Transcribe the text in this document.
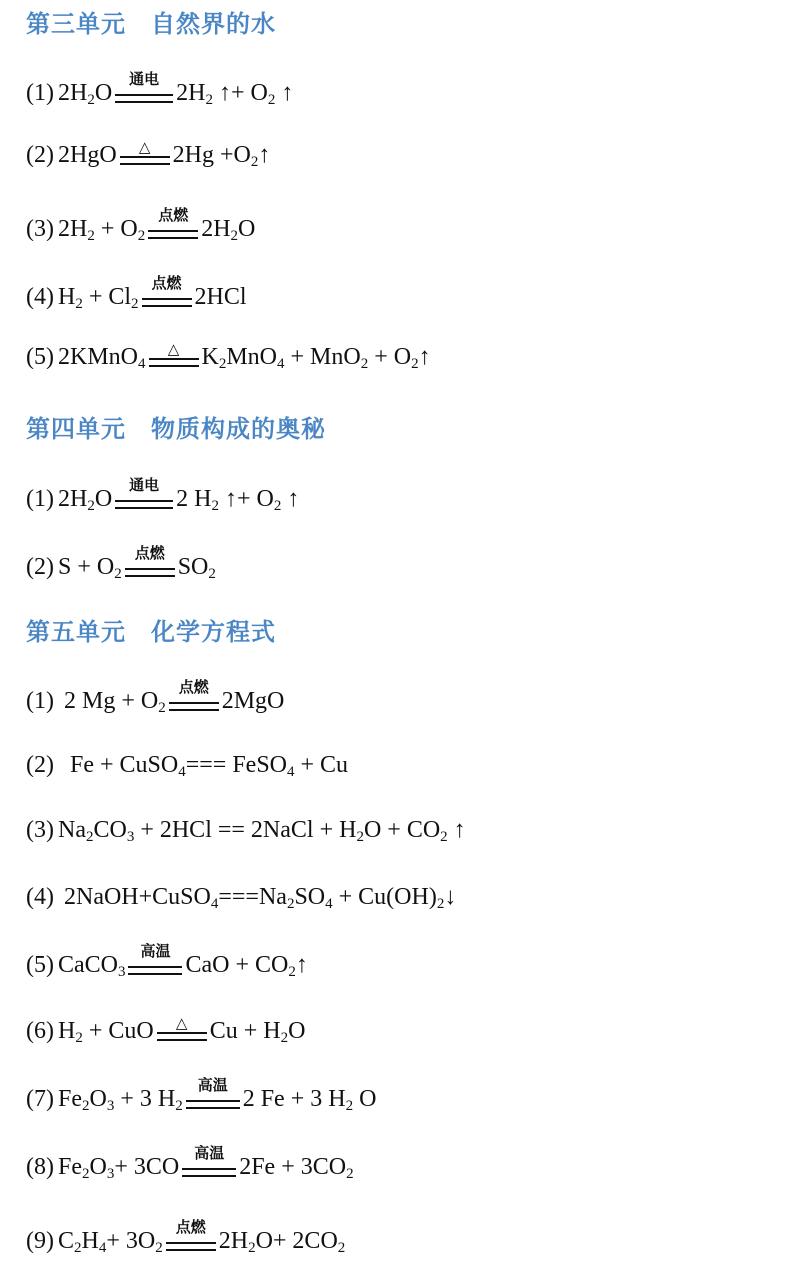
第三单元　自然界的水
(1) $2H_2O$
通电
$2H_2$ ↑+ $O_2$ ↑
(2) 2HgO	△ $2Hg +O_2↑$
(3) $2H_2 + O_2$
点燃
$2H_2O$
(4) $H_2 + Cl_2$
点燃
2HCl
(5) 2KMnO$_4$
△ $K_2MnO_4 + MnO_2$ + $O_2↑$
第四单元　物质构成的奥秘
(1) $2H_2O$
通电
2 $H_2$ ↑+ $O_2$ ↑
(2) $S + O_2$
点燃
$SO_2$
第五单元　化学方程式
(1) 2 $Mg + O_2$
点燃
2MgO
(2)  Fe + CuSO$_4$=== FeSO$_4$ + Cu
(3) $Na_2CO_3 + 2HCl$ == 2NaCl + $H_2O + CO_2$ ↑
(4) $2NaOH+CuSO_4===Na_2SO_4$ + $Cu(OH)_2↓$
(5) CaCO$_3$
高温
CaO + $CO_2↑$
(6) $H_2$ + CuO	△ $Cu + H_2O$
(7) $Fe_2O_3 + 3$ $H_2$
高温
2 Fe + 3 $H_2$ O
(8) $Fe_2O_3+ 3CO$
高温
$2Fe + 3CO_2$
(9) $C_2H_4+ 3O_2$
点燃
$2H_2O+ 2CO_2$
